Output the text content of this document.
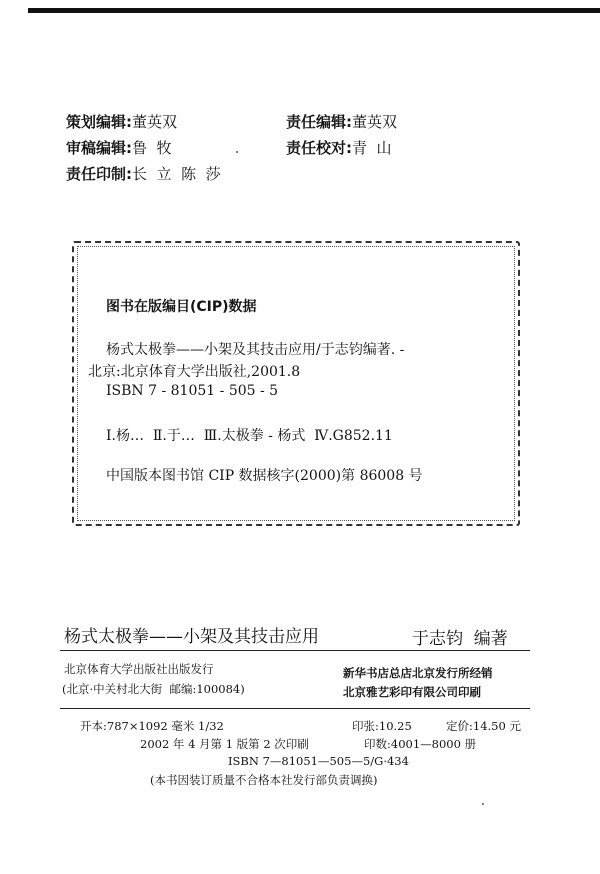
策划编辑:董英双	责任编辑:董英双
审稿编辑:鲁  牧	责任校对:青  山
责任印制:长  立  陈  莎
图书在版编目(CIP)数据
杨式太极拳——小架及其技击应用/于志钧编著. -
北京:北京体育大学出版社,2001.8
ISBN 7 - 81051 - 505 - 5
Ⅰ.杨…  Ⅱ.于…  Ⅲ.太极拳 - 杨式  Ⅳ.G852.11
中国版本图书馆 CIP 数据核字(2000)第 86008 号
杨式太极拳——小架及其技击应用	于志钧  编著
北京体育大学出版社出版发行
(北京·中关村北大街  邮编:100084)
新华书店总店北京发行所经销
北京雅艺彩印有限公司印刷
开本:787×1092 毫米 1/32	印张:10.25	定价:14.50 元
2002 年 4 月第 1 版第 2 次印刷	印数:4001—8000 册
ISBN 7—81051—505—5/G·434
(本书因装订质量不合格本社发行部负责调换)
